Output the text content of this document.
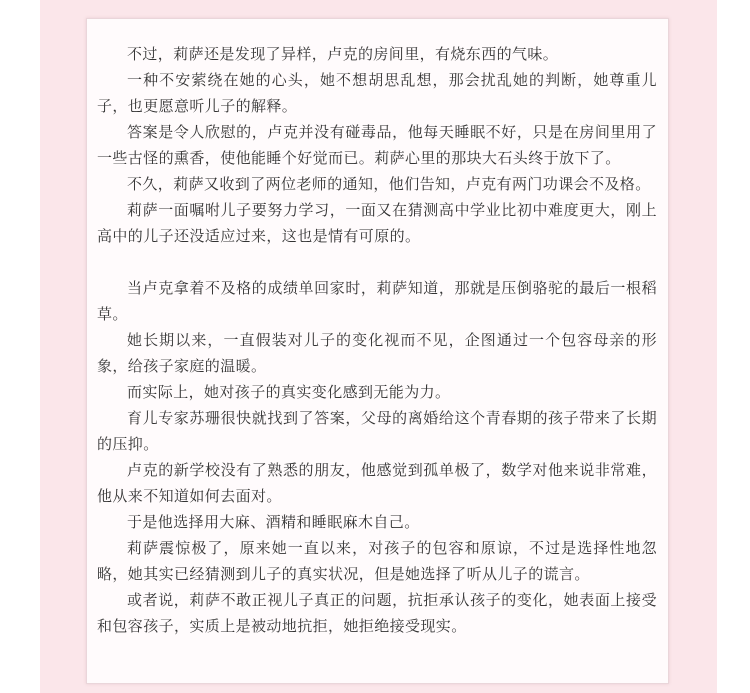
不过，莉萨还是发现了异样，卢克的房间里，有烧东西的气味。

一种不安萦绕在她的心头，她不想胡思乱想，那会扰乱她的判断，她尊重儿子，也更愿意听儿子的解释。

答案是令人欣慰的，卢克并没有碰毒品，他每天睡眠不好，只是在房间里用了一些古怪的熏香，使他能睡个好觉而已。莉萨心里的那块大石头终于放下了。

不久，莉萨又收到了两位老师的通知，他们告知，卢克有两门功课会不及格。

莉萨一面嘱咐儿子要努力学习，一面又在猜测高中学业比初中难度更大，刚上高中的儿子还没适应过来，这也是情有可原的。

当卢克拿着不及格的成绩单回家时，莉萨知道，那就是压倒骆驼的最后一根稻草。

她长期以来，一直假装对儿子的变化视而不见，企图通过一个包容母亲的形象，给孩子家庭的温暖。

而实际上，她对孩子的真实变化感到无能为力。

育儿专家苏珊很快就找到了答案，父母的离婚给这个青春期的孩子带来了长期的压抑。

卢克的新学校没有了熟悉的朋友，他感觉到孤单极了，数学对他来说非常难，他从来不知道如何去面对。

于是他选择用大麻、酒精和睡眠麻木自己。

莉萨震惊极了，原来她一直以来，对孩子的包容和原谅，不过是选择性地忽略，她其实已经猜测到儿子的真实状况，但是她选择了听从儿子的谎言。

或者说，莉萨不敢正视儿子真正的问题，抗拒承认孩子的变化，她表面上接受和包容孩子，实质上是被动地抗拒，她拒绝接受现实。
